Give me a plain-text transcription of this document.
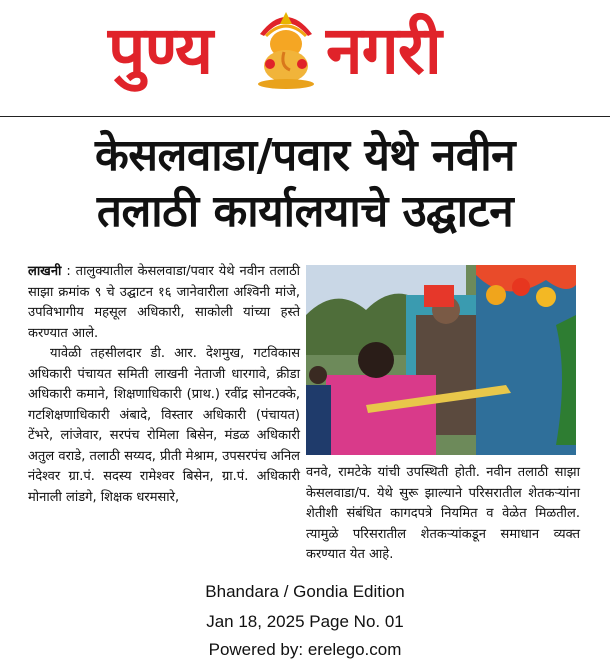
पुण्य नगरी
केसलवाडा/पवार येथे नवीन
तलाठी कार्यालयाचे उद्घाटन

लाखनी : तालुक्यातील केसलवाडा/पवार येथे नवीन तलाठी साझा क्रमांक ९ चे उद्घाटन १६ जानेवारीला अश्विनी मांजे, उपविभागीय महसूल अधिकारी, साकोली यांच्या हस्ते करण्यात आले.

यावेळी तहसीलदार डी. आर. देशमुख, गटविकास अधिकारी पंचायत समिती लाखनी नेताजी धारगावे, क्रीडा अधिकारी कमाने, शिक्षणाधिकारी (प्राथ.) रवींद्र सोनटक्के, गटशिक्षणाधिकारी अंबादे, विस्तार अधिकारी (पंचायत) टेंभरे, लांजेवार, सरपंच रोमिला बिसेन, मंडळ अधिकारी अतुल वराडे, तलाठी सय्यद, प्रीती मेश्राम, उपसरपंच अनिल नंदेश्वर ग्रा.पं. सदस्य रामेश्वर बिसेन, ग्रा.पं. अधिकारी मोनाली लांडगे, शिक्षक धरमसारे,

वनवे, रामटेके यांची उपस्थिती होती. नवीन तलाठी साझा केसलवाडा/प. येथे सुरू झाल्याने परिसरातील शेतकऱ्यांना शेतीशी संबंधित कागदपत्रे नियमित व वेळेत मिळतील. त्यामुळे परिसरातील शेतकऱ्यांकडून समाधान व्यक्त करण्यात येत आहे.

Bhandara / Gondia Edition
Jan 18, 2025 Page No. 01
Powered by: erelego.com
